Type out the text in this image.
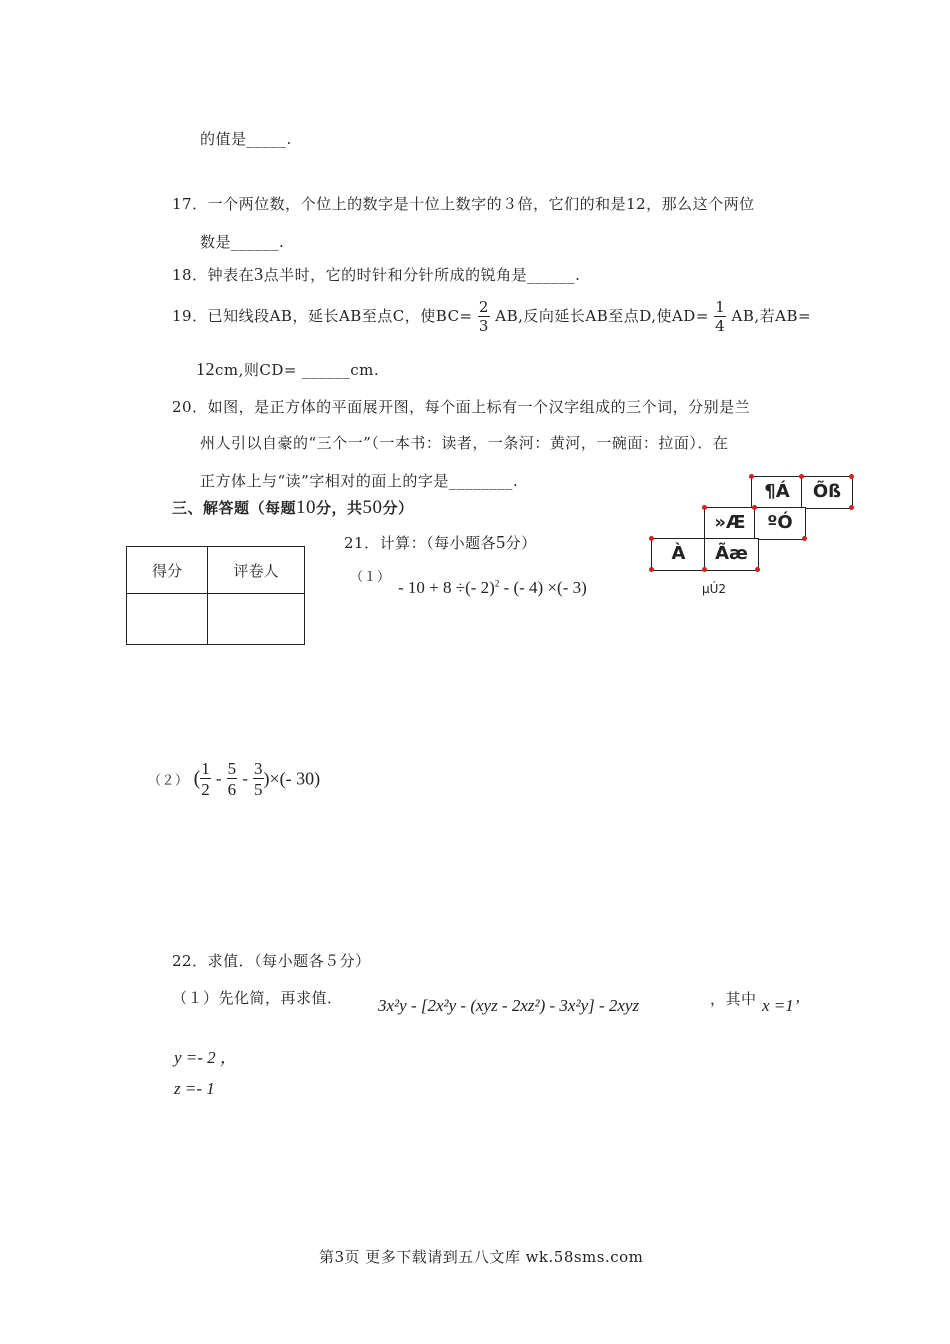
的值是_____.
17．一个两位数，个位上的数字是十位上数字的３倍，它们的和是12，那么这个两位
数是______.
18．钟表在3点半时，它的时针和分针所成的锐角是______.
19．已知线段AB，延长AB至点C，使$BC= \frac{2}{3}$ AB,反向延长AB至点D,使$AD= \frac{1}{4}$ AB,若AB=
12cm,则CD= ______cm.
20．如图，是正方体的平面展开图，每个面上标有一个汉字组成的三个词，分别是兰
州人引以自豪的“三个一”（一本书：读者，一条河：黄河，一碗面：拉面）．在
正方体上与“读”字相对的面上的字是________.	¶Á	Õß
»Æ	ºÓ
À	Ãæ
µÚ2
三、解答题（每题10分，共50分）
得分	评卷人

21．计算：（每小题各5分）
（１）
- 10 + 8 ÷(- 2)$^2$ - (- 4) ×(- 3)
（２） ( $\frac{1}{2} - \frac{5}{6} - \frac{3}{5}$ )×(- 30)
22．求值．（每小题各５分）
（１）先化简，再求值． 3x²y - [2x²y - (xyz - 2xz²) - 3x²y] - 2xyz	，其中 x =1’
y =- 2 ，
z =- 1
第3页 更多下载请到五八文库 wk.58sms.com
